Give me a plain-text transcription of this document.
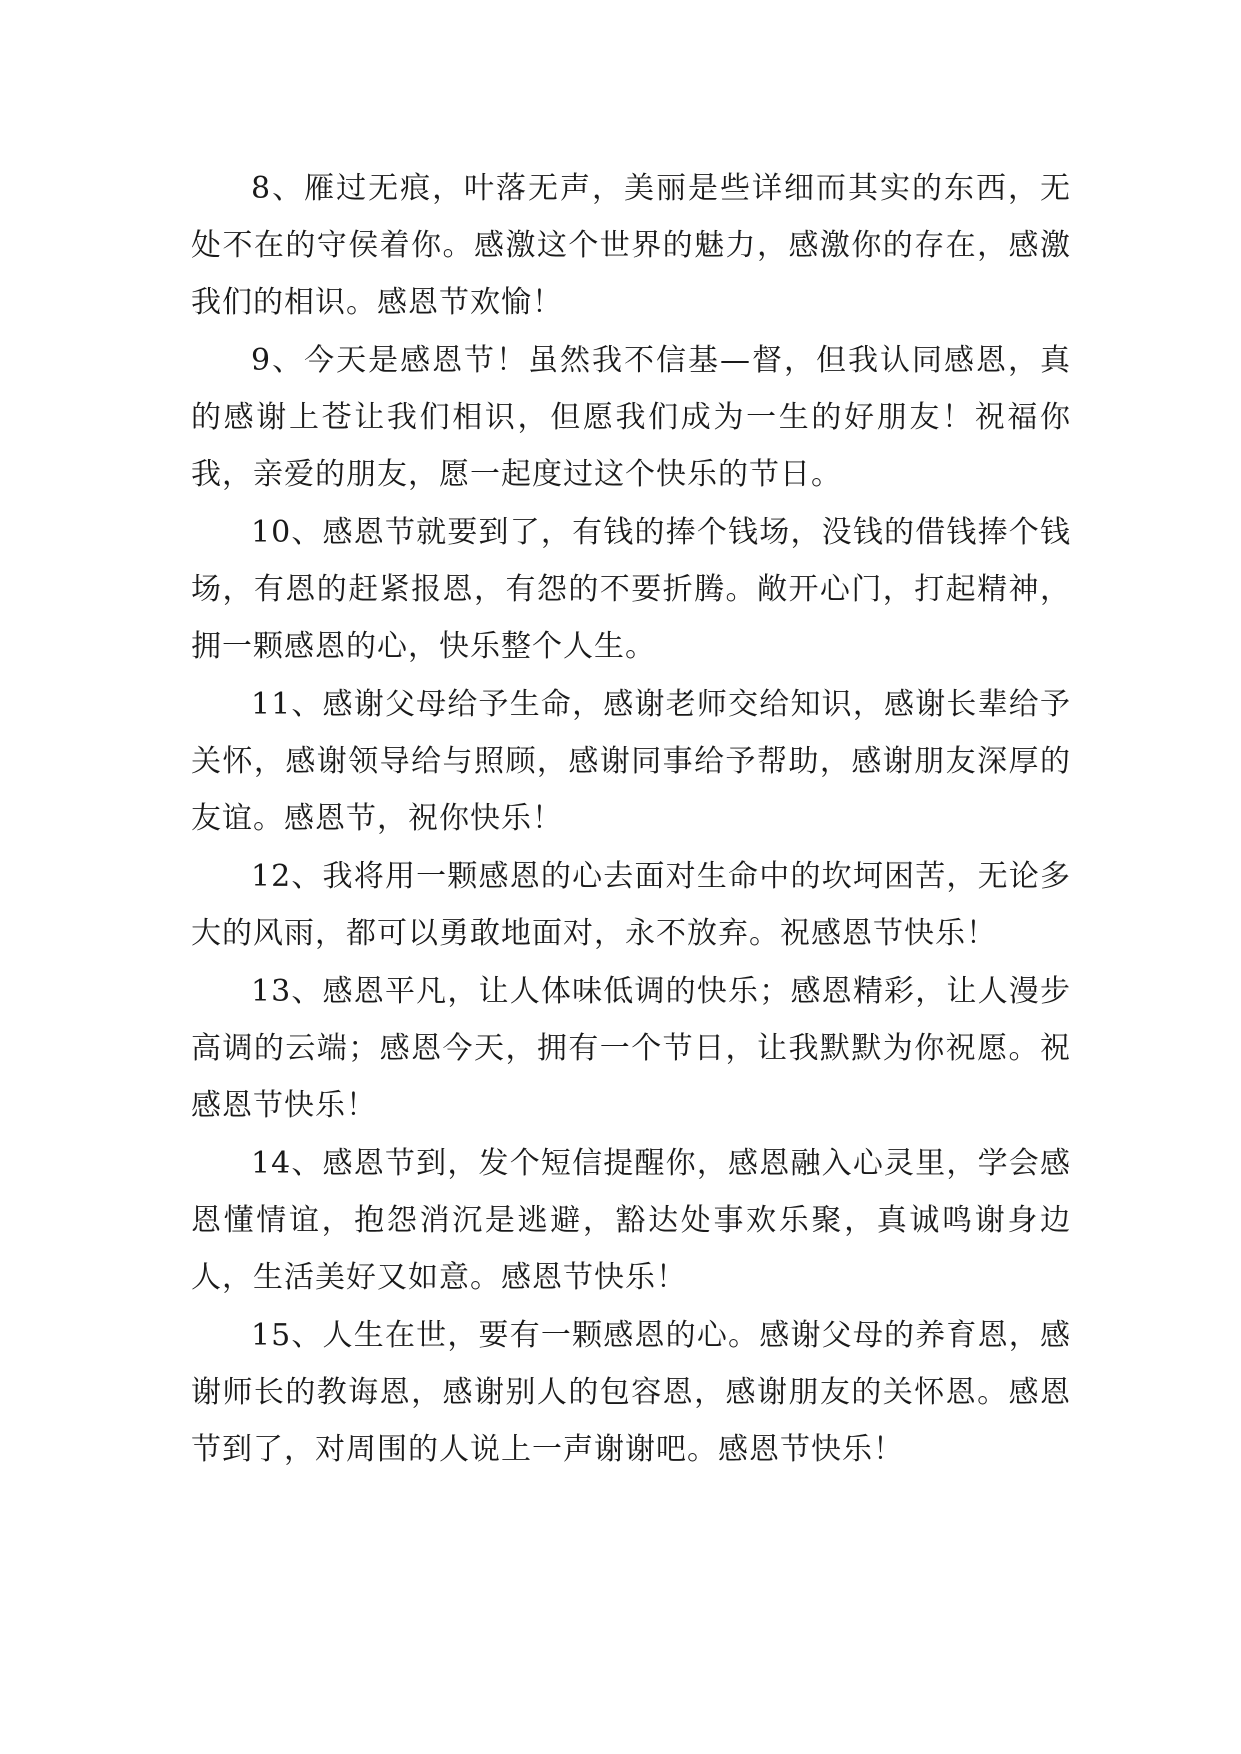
8、雁过无痕，叶落无声，美丽是些详细而其实的东西，无处不在的守侯着你。感激这个世界的魅力，感激你的存在，感激我们的相识。感恩节欢愉！

9、今天是感恩节！虽然我不信基—督，但我认同感恩，真的感谢上苍让我们相识，但愿我们成为一生的好朋友！祝福你我，亲爱的朋友，愿一起度过这个快乐的节日。

10、感恩节就要到了，有钱的捧个钱场，没钱的借钱捧个钱场，有恩的赶紧报恩，有怨的不要折腾。敞开心门，打起精神，拥一颗感恩的心，快乐整个人生。

11、感谢父母给予生命，感谢老师交给知识，感谢长辈给予关怀，感谢领导给与照顾，感谢同事给予帮助，感谢朋友深厚的友谊。感恩节，祝你快乐！

12、我将用一颗感恩的心去面对生命中的坎坷困苦，无论多大的风雨，都可以勇敢地面对，永不放弃。祝感恩节快乐！

13、感恩平凡，让人体味低调的快乐；感恩精彩，让人漫步高调的云端；感恩今天，拥有一个节日，让我默默为你祝愿。祝感恩节快乐！

14、感恩节到，发个短信提醒你，感恩融入心灵里，学会感恩懂情谊，抱怨消沉是逃避，豁达处事欢乐聚，真诚鸣谢身边人，生活美好又如意。感恩节快乐！

15、人生在世，要有一颗感恩的心。感谢父母的养育恩，感谢师长的教诲恩，感谢别人的包容恩，感谢朋友的关怀恩。感恩节到了，对周围的人说上一声谢谢吧。感恩节快乐！
